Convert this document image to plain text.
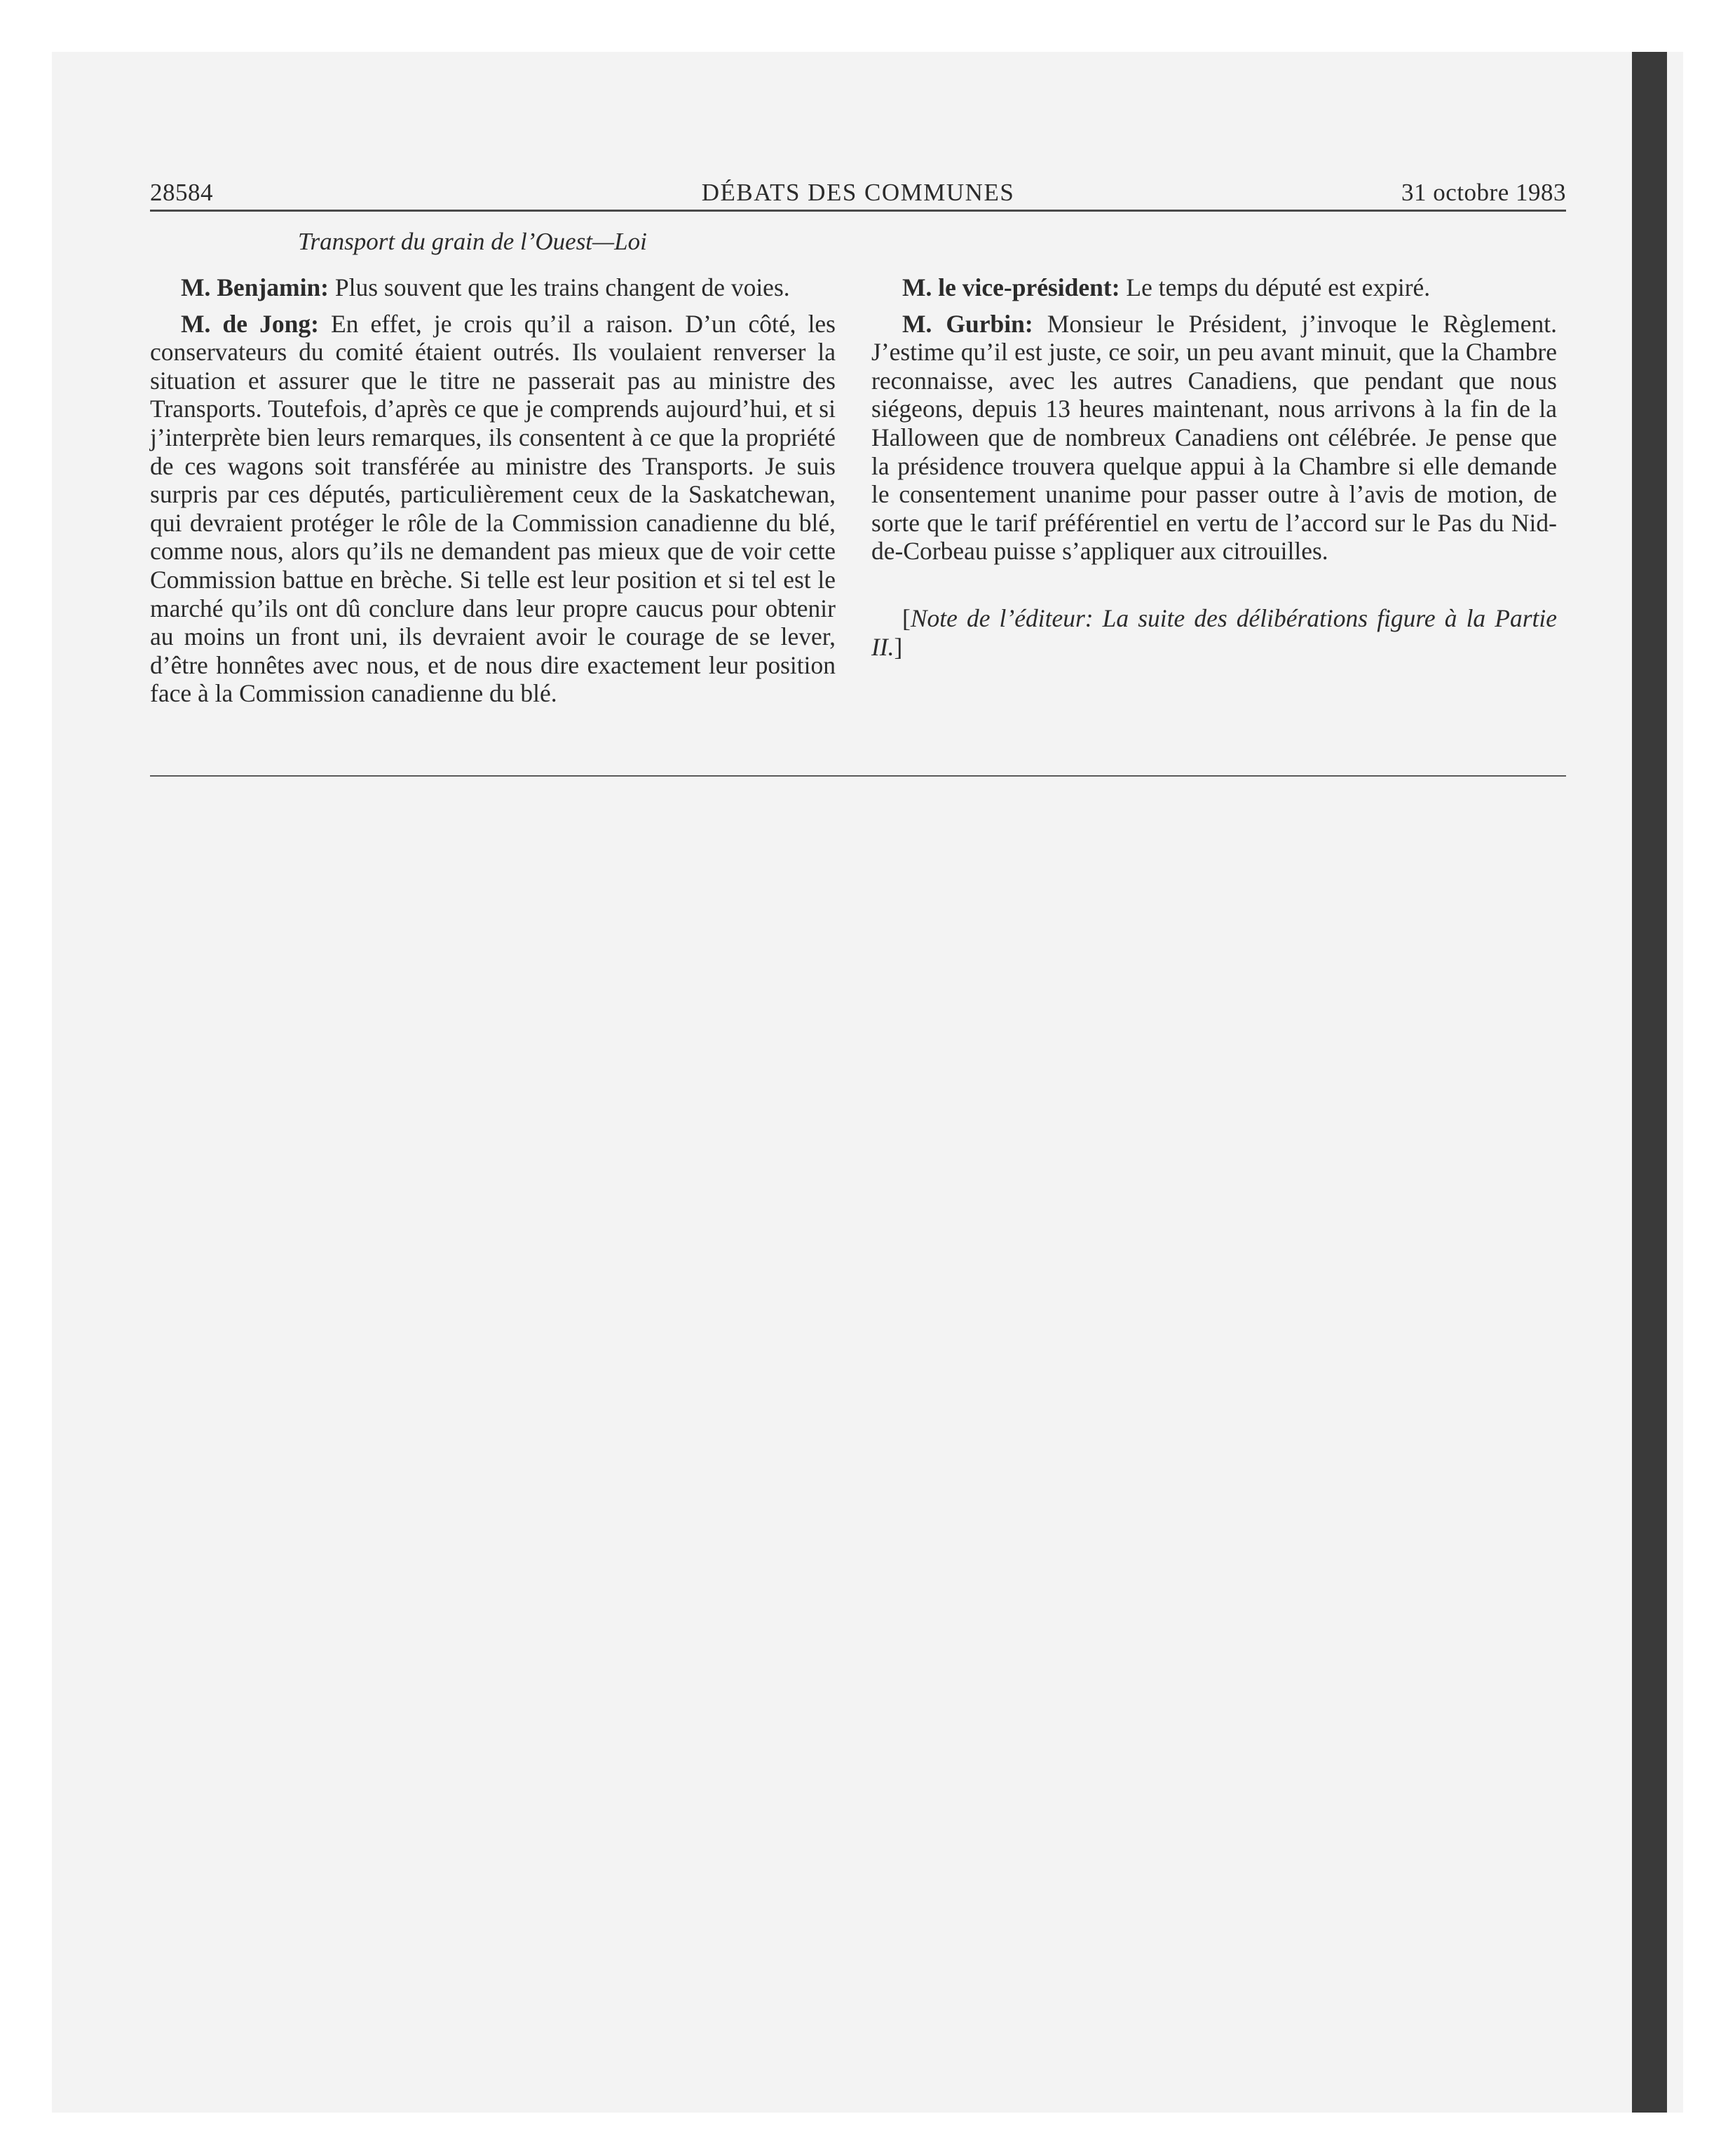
28584	DÉBATS DES COMMUNES	31 octobre 1983
Transport du grain de l’Ouest—Loi

M. Benjamin: Plus souvent que les trains changent de voies.

M. de Jong: En effet, je crois qu’il a raison. D’un côté, les conservateurs du comité étaient outrés. Ils voulaient renverser la situation et assurer que le titre ne passerait pas au ministre des Transports. Toutefois, d’après ce que je comprends aujourd’hui, et si j’interprète bien leurs remarques, ils consentent à ce que la propriété de ces wagons soit transférée au ministre des Transports. Je suis surpris par ces députés, particulièrement ceux de la Saskatchewan, qui devraient protéger le rôle de la Commission canadienne du blé, comme nous, alors qu’ils ne demandent pas mieux que de voir cette Commission battue en brèche. Si telle est leur position et si tel est le marché qu’ils ont dû conclure dans leur propre caucus pour obtenir au moins un front uni, ils devraient avoir le courage de se lever, d’être honnêtes avec nous, et de nous dire exactement leur position face à la Commission canadienne du blé.

M. le vice-président: Le temps du député est expiré.

M. Gurbin: Monsieur le Président, j’invoque le Règlement. J’estime qu’il est juste, ce soir, un peu avant minuit, que la Chambre reconnaisse, avec les autres Canadiens, que pendant que nous siégeons, depuis 13 heures maintenant, nous arrivons à la fin de la Halloween que de nombreux Canadiens ont célébrée. Je pense que la présidence trouvera quelque appui à la Chambre si elle demande le consentement unanime pour passer outre à l’avis de motion, de sorte que le tarif préférentiel en vertu de l’accord sur le Pas du Nid-de-Corbeau puisse s’appliquer aux citrouilles.

[Note de l’éditeur: La suite des délibérations figure à la Partie II.]
